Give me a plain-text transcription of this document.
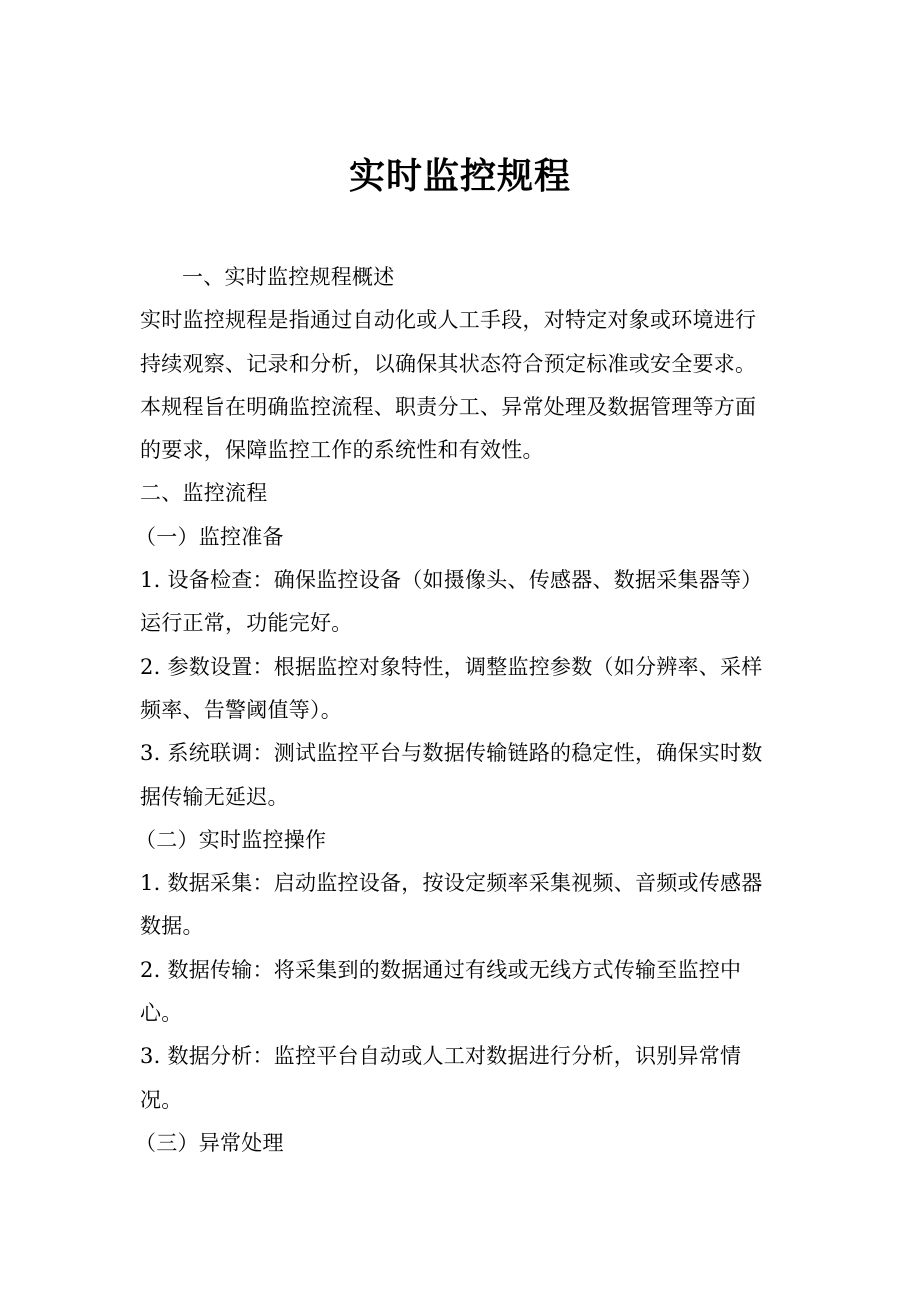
实时监控规程
一、实时监控规程概述
实时监控规程是指通过自动化或人工手段，对特定对象或环境进行
持续观察、记录和分析，以确保其状态符合预定标准或安全要求。
本规程旨在明确监控流程、职责分工、异常处理及数据管理等方面
的要求，保障监控工作的系统性和有效性。
二、监控流程
（一）监控准备
1. 设备检查：确保监控设备（如摄像头、传感器、数据采集器等）
运行正常，功能完好。
2. 参数设置：根据监控对象特性，调整监控参数（如分辨率、采样
频率、告警阈值等）。
3. 系统联调：测试监控平台与数据传输链路的稳定性，确保实时数
据传输无延迟。
（二）实时监控操作
1. 数据采集：启动监控设备，按设定频率采集视频、音频或传感器
数据。
2. 数据传输：将采集到的数据通过有线或无线方式传输至监控中
心。
3. 数据分析：监控平台自动或人工对数据进行分析，识别异常情
况。
（三）异常处理
